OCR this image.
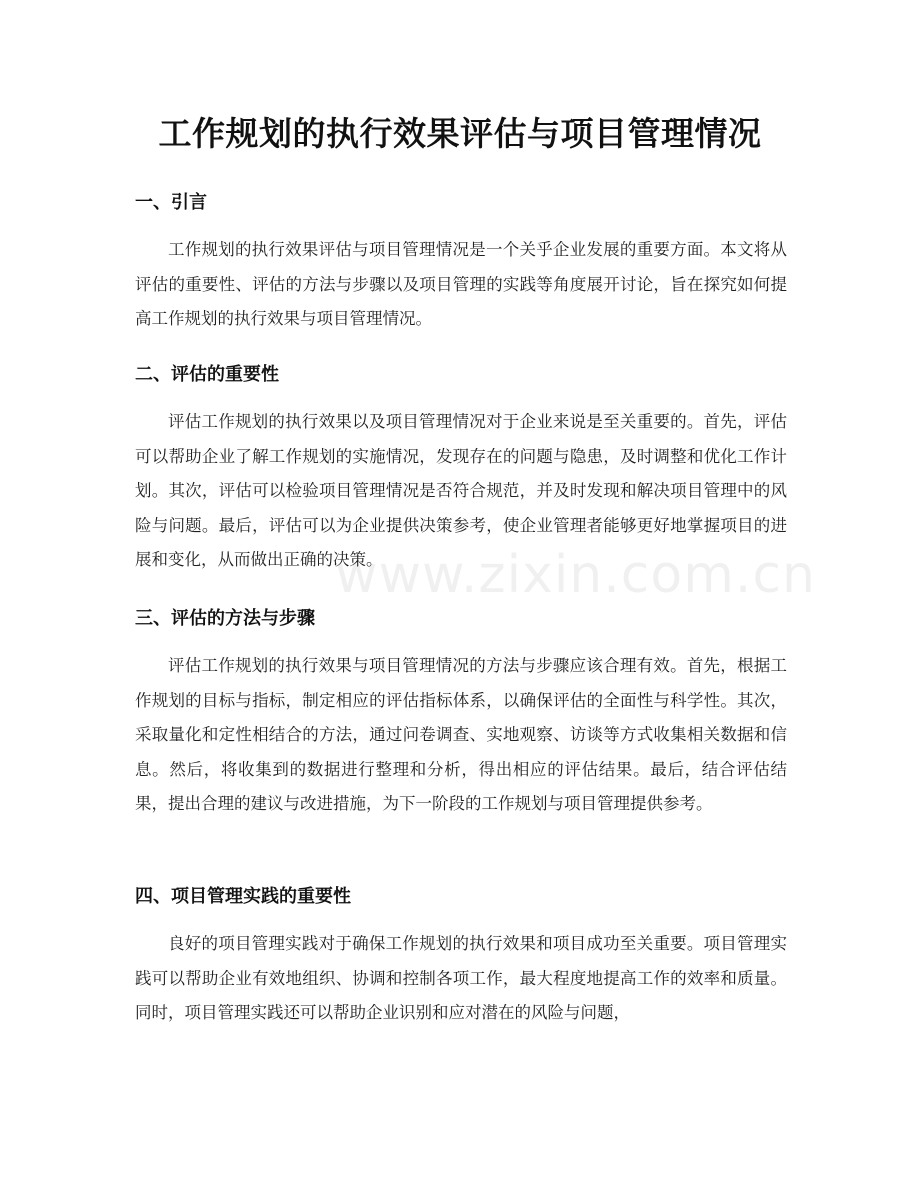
www.zixin.com.cn
工作规划的执行效果评估与项目管理情况
一、引言

工作规划的执行效果评估与项目管理情况是一个关乎企业发展的重要方面。本文将从评估的重要性、评估的方法与步骤以及项目管理的实践等角度展开讨论，旨在探究如何提高工作规划的执行效果与项目管理情况。

二、评估的重要性

评估工作规划的执行效果以及项目管理情况对于企业来说是至关重要的。首先，评估可以帮助企业了解工作规划的实施情况，发现存在的问题与隐患，及时调整和优化工作计划。其次，评估可以检验项目管理情况是否符合规范，并及时发现和解决项目管理中的风险与问题。最后，评估可以为企业提供决策参考，使企业管理者能够更好地掌握项目的进展和变化，从而做出正确的决策。

三、评估的方法与步骤

评估工作规划的执行效果与项目管理情况的方法与步骤应该合理有效。首先，根据工作规划的目标与指标，制定相应的评估指标体系，以确保评估的全面性与科学性。其次，采取量化和定性相结合的方法，通过问卷调查、实地观察、访谈等方式收集相关数据和信息。然后，将收集到的数据进行整理和分析，得出相应的评估结果。最后，结合评估结果，提出合理的建议与改进措施，为下一阶段的工作规划与项目管理提供参考。

四、项目管理实践的重要性

良好的项目管理实践对于确保工作规划的执行效果和项目成功至关重要。项目管理实践可以帮助企业有效地组织、协调和控制各项工作，最大程度地提高工作的效率和质量。同时，项目管理实践还可以帮助企业识别和应对潜在的风险与问题，
